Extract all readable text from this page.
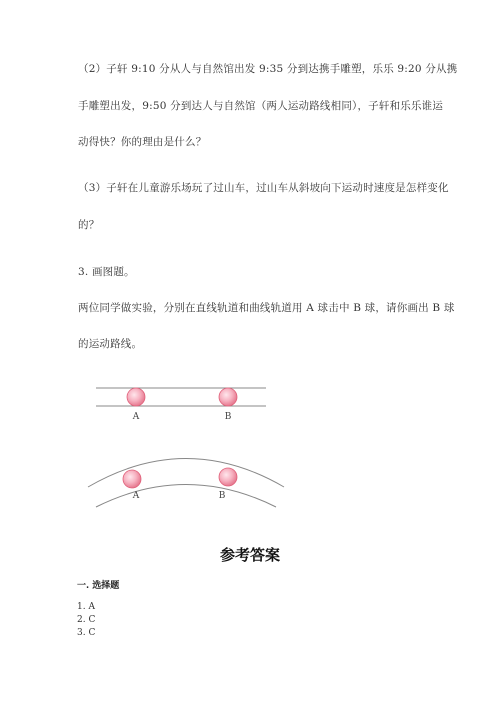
（2）子轩 9:10 分从人与自然馆出发 9:35 分到达携手雕塑，乐乐 9:20 分从携
手雕塑出发，9:50 分到达人与自然馆（两人运动路线相同），子轩和乐乐谁运
动得快？你的理由是什么？
（3）子轩在儿童游乐场玩了过山车，过山车从斜坡向下运动时速度是怎样变化
的？
3. 画图题。
两位同学做实验，分别在直线轨道和曲线轨道用 A 球击中 B 球，请你画出 B 球
的运动路线。
A	B
A	B
参考答案
一. 选择题
1. A
2. C
3. C
